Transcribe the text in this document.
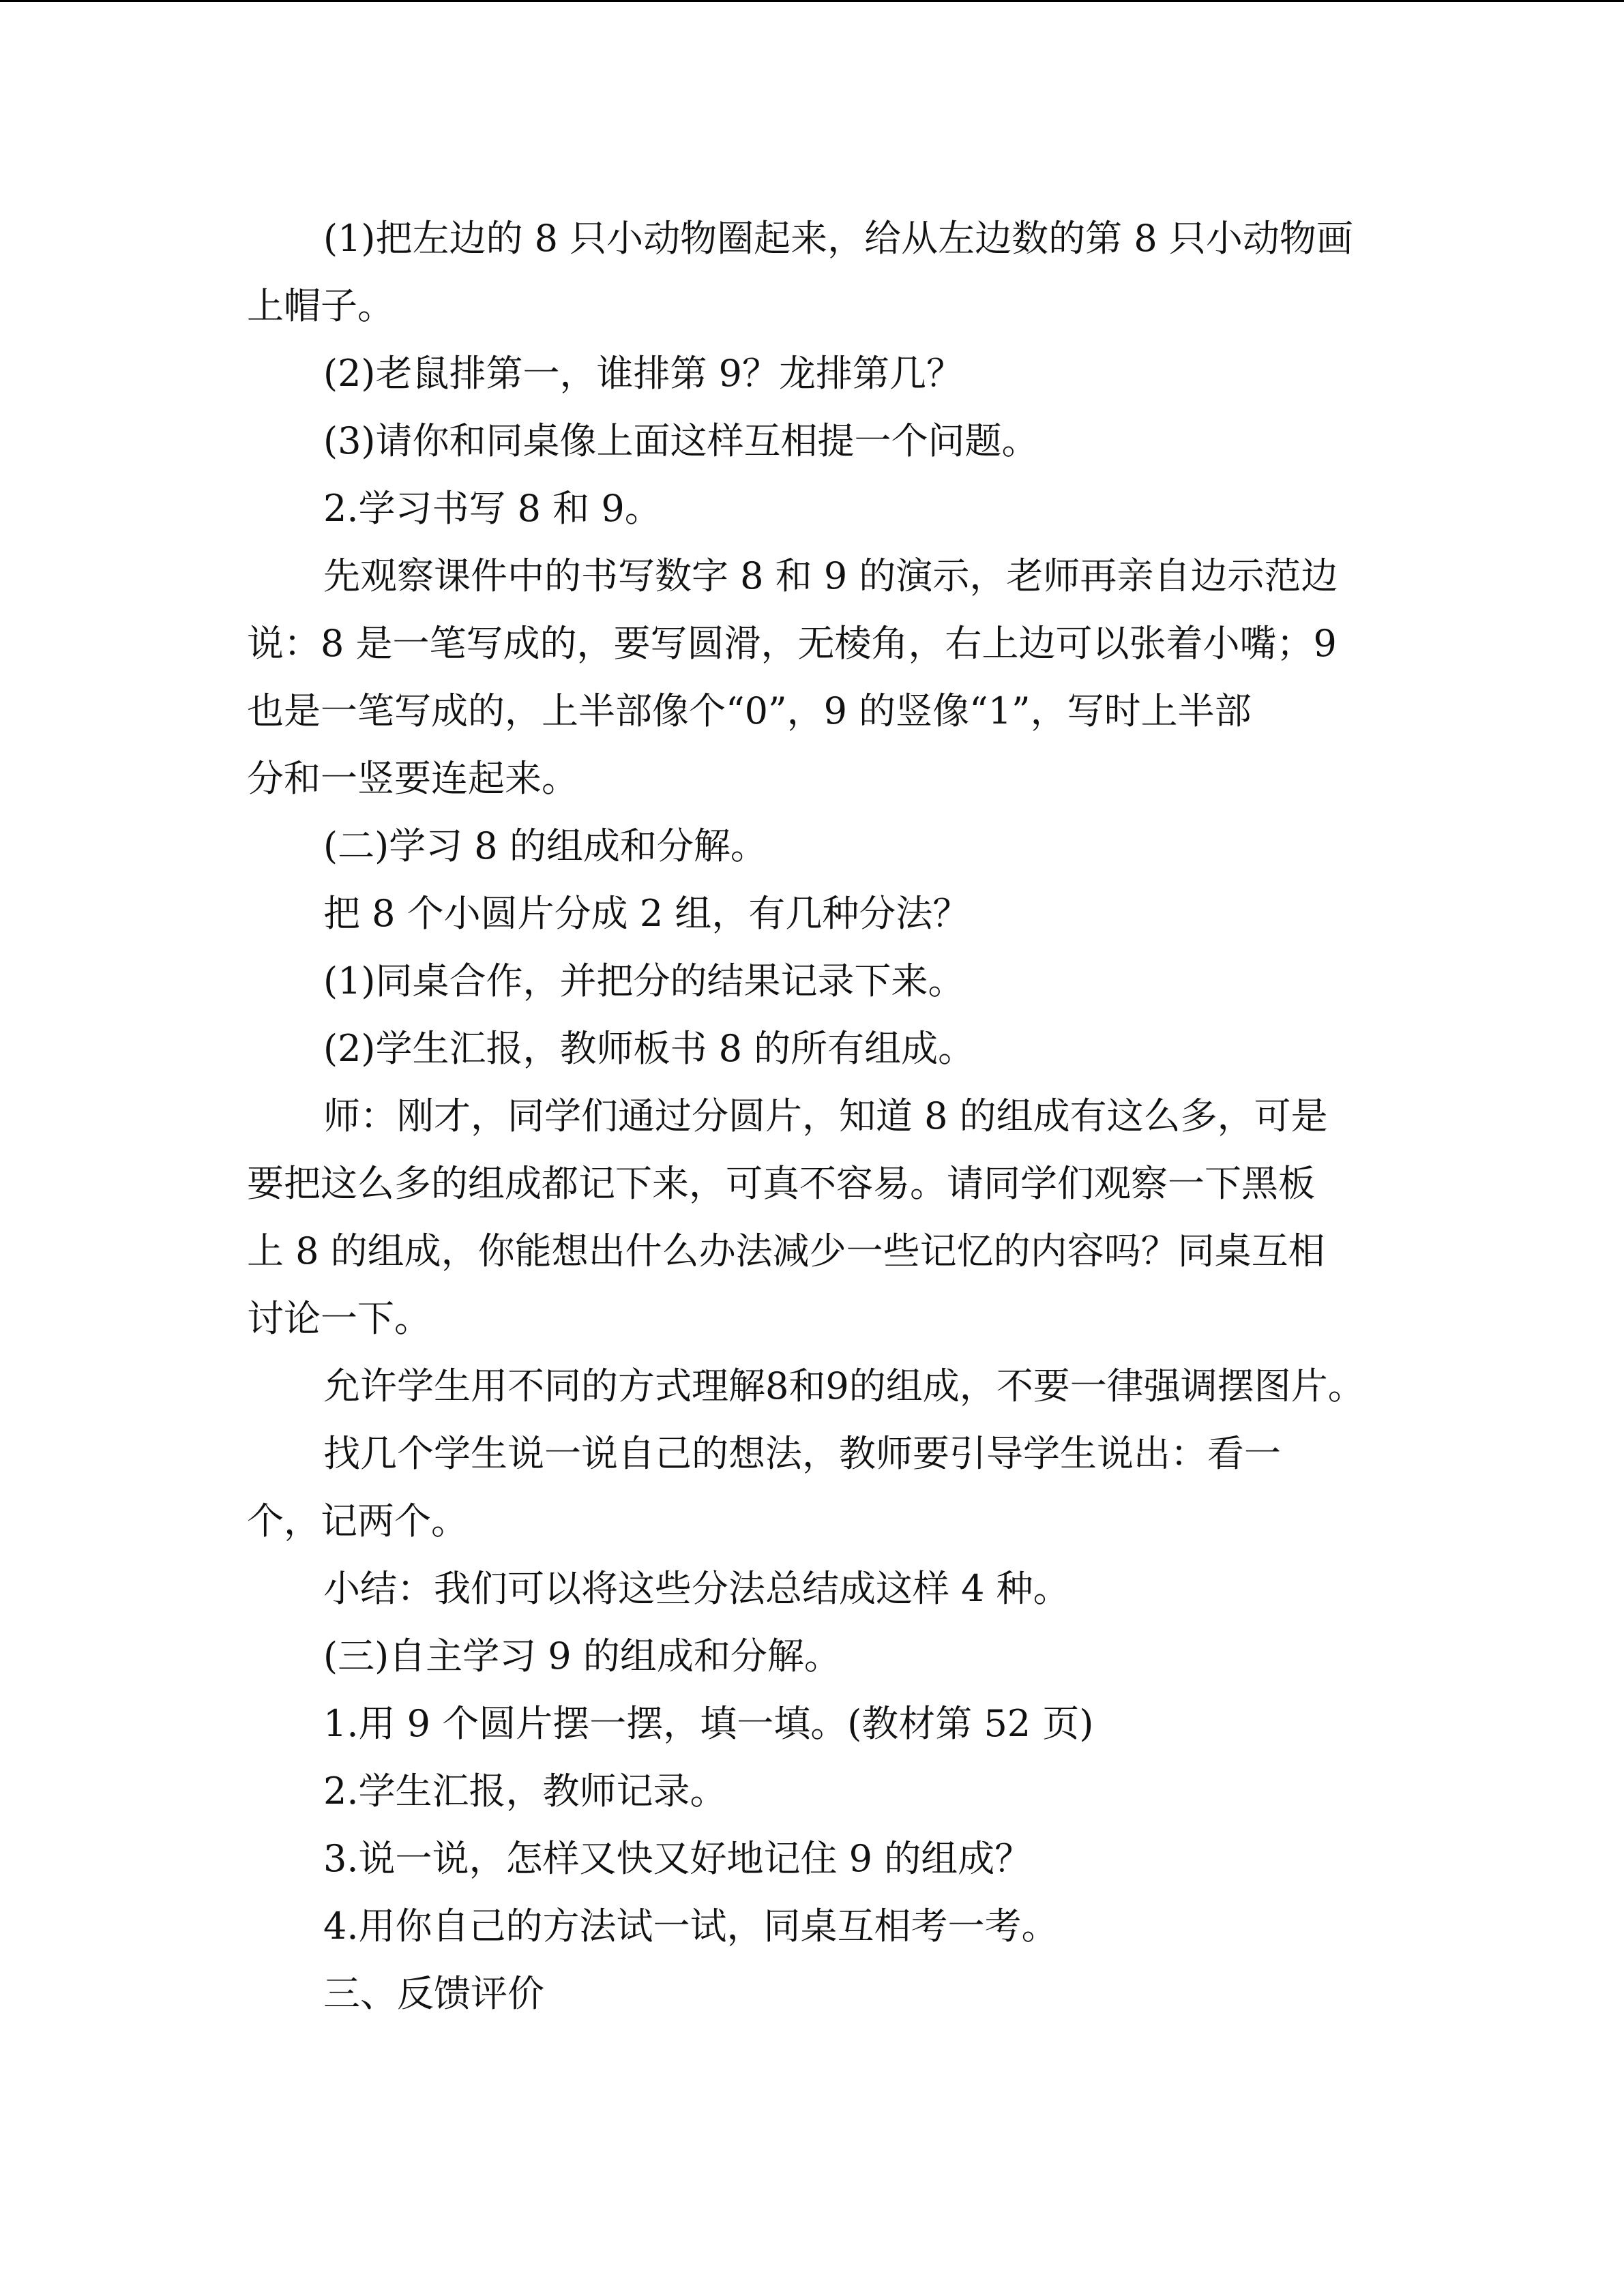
(1)把左边的 8 只小动物圈起来，给从左边数的第 8 只小动物画

上帽子。

(2)老鼠排第一，谁排第 9？龙排第几？

(3)请你和同桌像上面这样互相提一个问题。

2.学习书写 8 和 9。

先观察课件中的书写数字 8 和 9 的演示，老师再亲自边示范边

说：8 是一笔写成的，要写圆滑，无棱角，右上边可以张着小嘴；9

也是一笔写成的，上半部像个“0”，9 的竖像“1”，写时上半部

分和一竖要连起来。

(二)学习 8 的组成和分解。

把 8 个小圆片分成 2 组，有几种分法？

(1)同桌合作，并把分的结果记录下来。

(2)学生汇报，教师板书 8 的所有组成。

师：刚才，同学们通过分圆片，知道 8 的组成有这么多，可是

要把这么多的组成都记下来，可真不容易。请同学们观察一下黑板

上 8 的组成，你能想出什么办法减少一些记忆的内容吗？同桌互相

讨论一下。

允许学生用不同的方式理解8和9的组成，不要一律强调摆图片。

找几个学生说一说自己的想法，教师要引导学生说出：看一

个，记两个。

小结：我们可以将这些分法总结成这样 4 种。

(三)自主学习 9 的组成和分解。

1.用 9 个圆片摆一摆，填一填。(教材第 52 页)

2.学生汇报，教师记录。

3.说一说，怎样又快又好地记住 9 的组成？

4.用你自己的方法试一试，同桌互相考一考。

三、反馈评价
